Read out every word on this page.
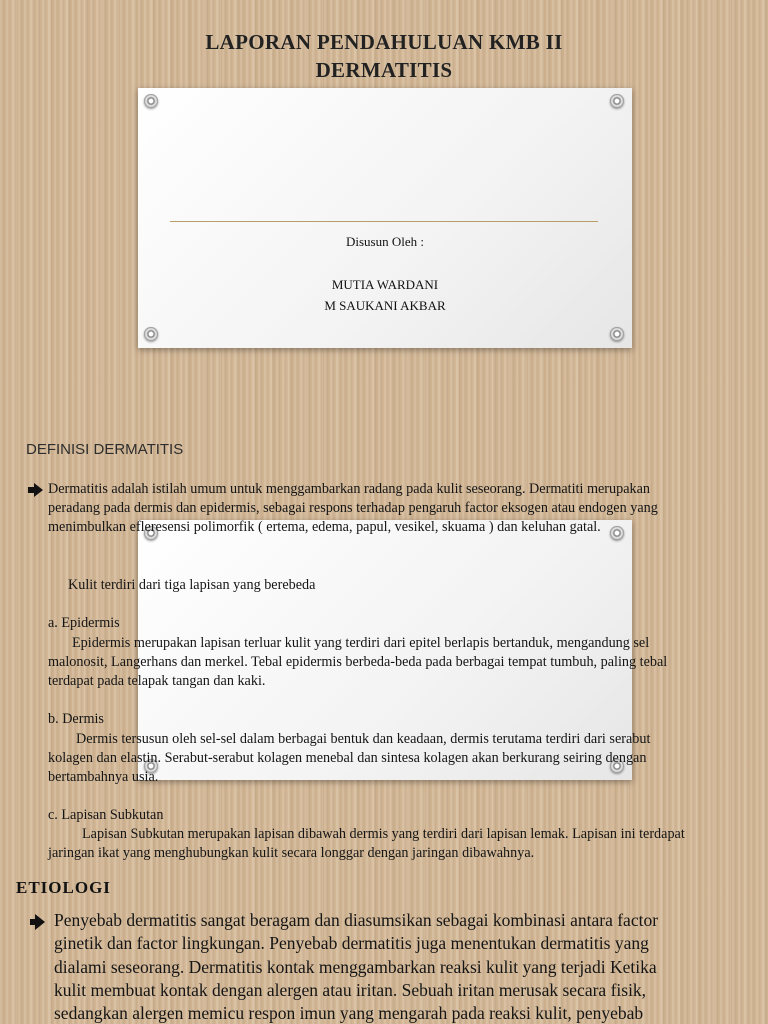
LAPORAN PENDAHULUAN KMB II
DERMATITIS
Disusun Oleh :
MUTIA WARDANI
M SAUKANI AKBAR
DEFINISI DERMATITIS
Dermatitis adalah istilah umum untuk menggambarkan radang pada kulit seseorang. Dermatiti merupakan
peradang pada dermis dan epidermis, sebagai respons terhadap pengaruh factor eksogen atau endogen yang
menimbulkan efleresensi polimorfik ( ertema, edema, papul, vesikel, skuama ) dan keluhan gatal.
Kulit terdiri dari tiga lapisan yang berebeda
a. Epidermis
Epidermis merupakan lapisan terluar kulit yang terdiri dari epitel berlapis bertanduk, mengandung sel
malonosit, Langerhans dan merkel. Tebal epidermis berbeda-beda pada berbagai tempat tumbuh, paling tebal
terdapat pada telapak tangan dan kaki.
b. Dermis
Dermis tersusun oleh sel-sel dalam berbagai bentuk dan keadaan, dermis terutama terdiri dari serabut
kolagen dan elastin. Serabut-serabut kolagen menebal dan sintesa kolagen akan berkurang seiring dengan
bertambahnya usia.
c. Lapisan Subkutan
Lapisan Subkutan merupakan lapisan dibawah dermis yang terdiri dari lapisan lemak. Lapisan ini terdapat
jaringan ikat yang menghubungkan kulit secara longgar dengan jaringan dibawahnya.
ETIOLOGI
Penyebab dermatitis sangat beragam dan diasumsikan sebagai kombinasi antara factor
ginetik dan factor lingkungan. Penyebab dermatitis juga menentukan dermatitis yang
dialami seseorang. Dermatitis kontak menggambarkan reaksi kulit yang terjadi Ketika
kulit membuat kontak dengan alergen atau iritan. Sebuah iritan merusak secara fisik,
sedangkan alergen memicu respon imun yang mengarah pada reaksi kulit, penyebab
